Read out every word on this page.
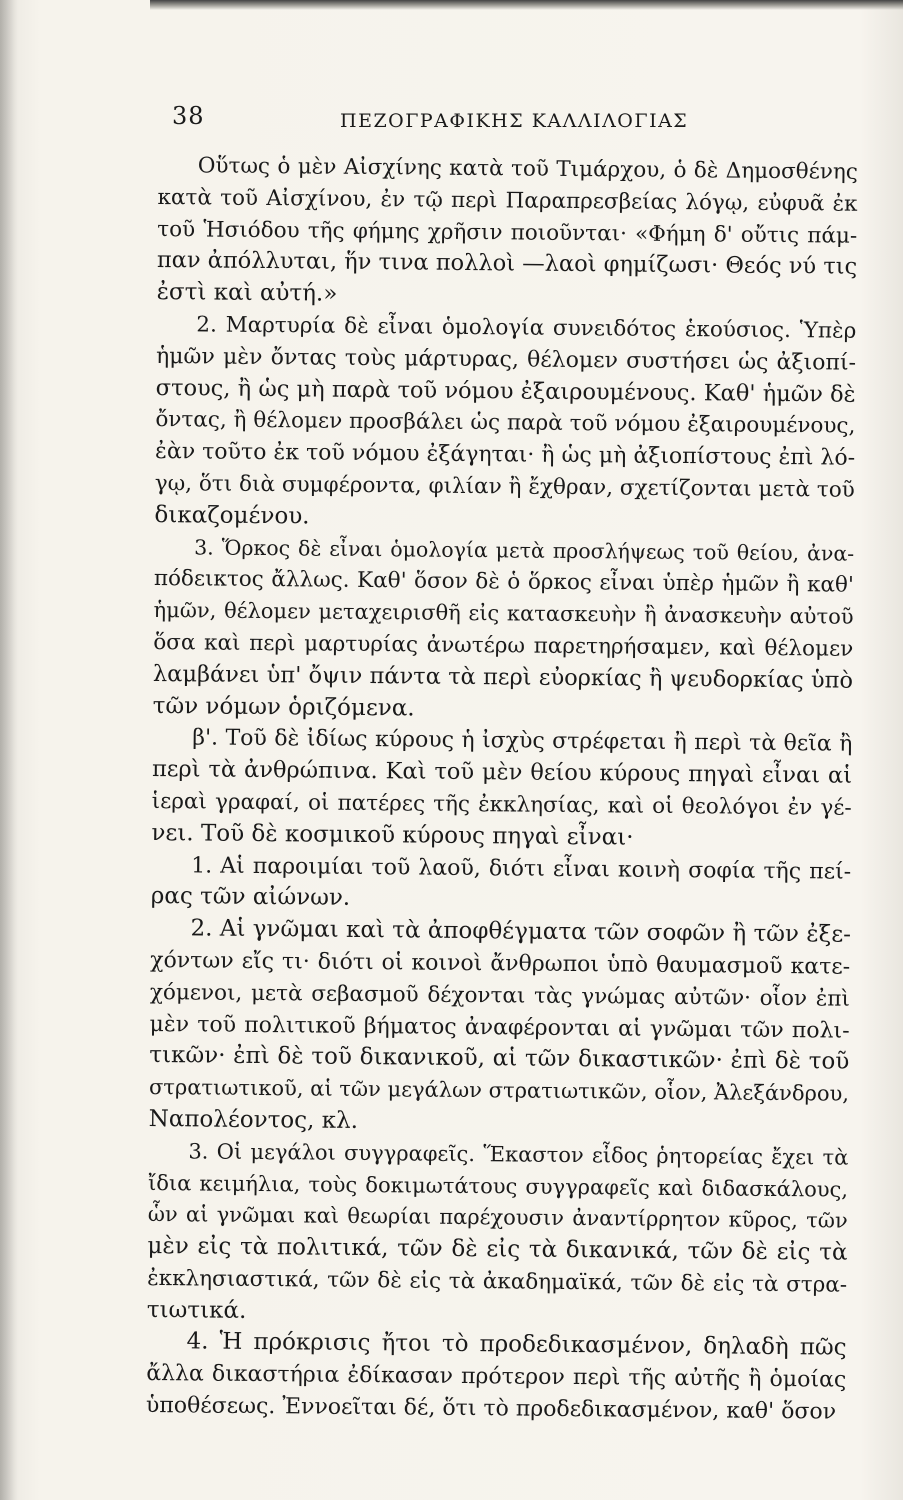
38	ΠΕΖΟΓΡΑΦΙΚΗΣ ΚΑΛΛΙΛΟΓΙΑΣ

Οὕτως ὁ μὲν Αἰσχίνης κατὰ τοῦ Τιμάρχου, ὁ δὲ Δημοσθένης
κατὰ τοῦ Αἰσχίνου, ἐν τῷ περὶ Παραπρεσβείας λόγῳ, εὐφυᾶ ἐκ
τοῦ Ἡσιόδου τῆς φήμης χρῆσιν ποιοῦνται· «Φήμη δ' οὔτις πάμ-
παν ἀπόλλυται, ἥν τινα πολλοὶ —λαοὶ φημίζωσι· Θεός νύ τις
ἐστὶ καὶ αὐτή.»

2. Μαρτυρία δὲ εἶναι ὁμολογία συνειδότος ἑκούσιος. Ὑπὲρ
ἡμῶν μὲν ὄντας τοὺς μάρτυρας, θέλομεν συστήσει ὡς ἀξιοπί-
στους, ἢ ὡς μὴ παρὰ τοῦ νόμου ἐξαιρουμένους. Καθ' ἡμῶν δὲ
ὄντας, ἢ θέλομεν προσβάλει ὡς παρὰ τοῦ νόμου ἐξαιρουμένους,
ἐὰν τοῦτο ἐκ τοῦ νόμου ἐξάγηται· ἢ ὡς μὴ ἀξιοπίστους ἐπὶ λό-
γῳ, ὅτι διὰ συμφέροντα, φιλίαν ἢ ἔχθραν, σχετίζονται μετὰ τοῦ
δικαζομένου.

3. Ὅρκος δὲ εἶναι ὁμολογία μετὰ προσλήψεως τοῦ θείου, ἀνα-
πόδεικτος ἄλλως. Καθ' ὅσον δὲ ὁ ὅρκος εἶναι ὑπὲρ ἡμῶν ἢ καθ'
ἡμῶν, θέλομεν μεταχειρισθῆ εἰς κατασκευὴν ἢ ἀνασκευὴν αὐτοῦ
ὅσα καὶ περὶ μαρτυρίας ἀνωτέρω παρετηρήσαμεν, καὶ θέλομεν
λαμβάνει ὑπ' ὄψιν πάντα τὰ περὶ εὐορκίας ἢ ψευδορκίας ὑπὸ
τῶν νόμων ὁριζόμενα.

β'. Τοῦ δὲ ἰδίως κύρους ἡ ἰσχὺς στρέφεται ἢ περὶ τὰ θεῖα ἢ
περὶ τὰ ἀνθρώπινα. Καὶ τοῦ μὲν θείου κύρους πηγαὶ εἶναι αἱ
ἱεραὶ γραφαί, οἱ πατέρες τῆς ἐκκλησίας, καὶ οἱ θεολόγοι ἐν γέ-
νει. Τοῦ δὲ κοσμικοῦ κύρους πηγαὶ εἶναι·

1. Αἱ παροιμίαι τοῦ λαοῦ, διότι εἶναι κοινὴ σοφία τῆς πεί-
ρας τῶν αἰώνων.

2. Αἱ γνῶμαι καὶ τὰ ἀποφθέγματα τῶν σοφῶν ἢ τῶν ἐξε-
χόντων εἴς τι· διότι οἱ κοινοὶ ἄνθρωποι ὑπὸ θαυμασμοῦ κατε-
χόμενοι, μετὰ σεβασμοῦ δέχονται τὰς γνώμας αὐτῶν· οἷον ἐπὶ
μὲν τοῦ πολιτικοῦ βήματος ἀναφέρονται αἱ γνῶμαι τῶν πολι-
τικῶν· ἐπὶ δὲ τοῦ δικανικοῦ, αἱ τῶν δικαστικῶν· ἐπὶ δὲ τοῦ
στρατιωτικοῦ, αἱ τῶν μεγάλων στρατιωτικῶν, οἷον, Ἀλεξάνδρου,
Ναπολέοντος, κλ.

3. Οἱ μεγάλοι συγγραφεῖς. Ἕκαστον εἶδος ῥητορείας ἔχει τὰ
ἴδια κειμήλια, τοὺς δοκιμωτάτους συγγραφεῖς καὶ διδασκάλους,
ὧν αἱ γνῶμαι καὶ θεωρίαι παρέχουσιν ἀναντίρρητον κῦρος, τῶν
μὲν εἰς τὰ πολιτικά, τῶν δὲ εἰς τὰ δικανικά, τῶν δὲ εἰς τὰ
ἐκκλησιαστικά, τῶν δὲ εἰς τὰ ἀκαδημαϊκά, τῶν δὲ εἰς τὰ στρα-
τιωτικά.

4. Ἡ πρόκρισις ἤτοι τὸ προδεδικασμένον, δηλαδὴ πῶς
ἄλλα δικαστήρια ἐδίκασαν πρότερον περὶ τῆς αὐτῆς ἢ ὁμοίας
ὑποθέσεως. Ἐννοεῖται δέ, ὅτι τὸ προδεδικασμένον, καθ' ὅσον
